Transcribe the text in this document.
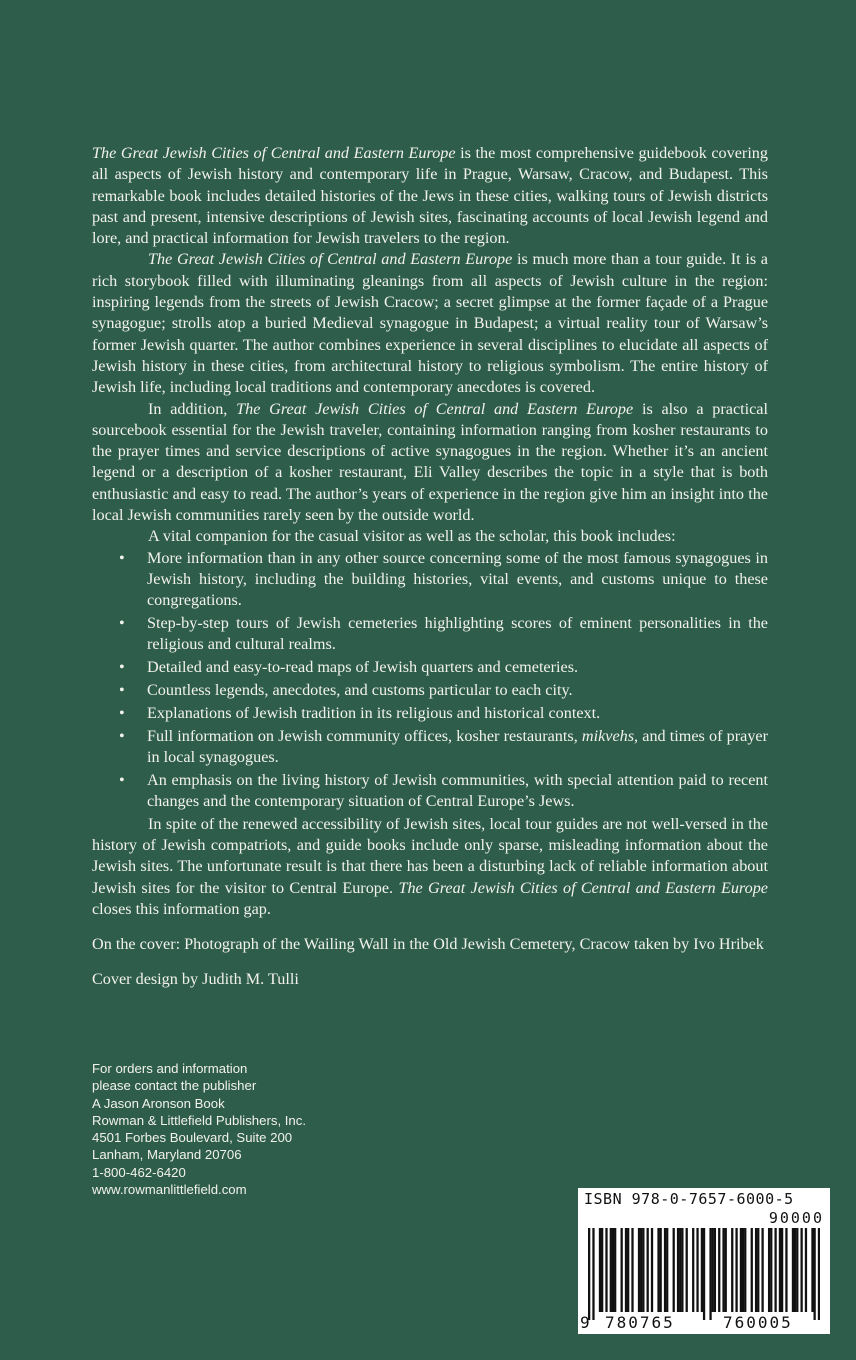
The Great Jewish Cities of Central and Eastern Europe is the most comprehensive guidebook covering all aspects of Jewish history and contemporary life in Prague, Warsaw, Cracow, and Budapest. This remarkable book includes detailed histories of the Jews in these cities, walking tours of Jewish districts past and present, intensive descriptions of Jewish sites, fascinating accounts of local Jewish legend and lore, and practical information for Jewish travelers to the region.

The Great Jewish Cities of Central and Eastern Europe is much more than a tour guide. It is a rich storybook filled with illuminating gleanings from all aspects of Jewish culture in the region: inspiring legends from the streets of Jewish Cracow; a secret glimpse at the former façade of a Prague synagogue; strolls atop a buried Medieval synagogue in Budapest; a virtual reality tour of Warsaw’s former Jewish quarter. The author combines experience in several disciplines to elucidate all aspects of Jewish history in these cities, from architectural history to religious symbolism. The entire history of Jewish life, including local traditions and contemporary anecdotes is covered.

In addition, The Great Jewish Cities of Central and Eastern Europe is also a practical sourcebook essential for the Jewish traveler, containing information ranging from kosher restaurants to the prayer times and service descriptions of active synagogues in the region. Whether it’s an ancient legend or a description of a kosher restaurant, Eli Valley describes the topic in a style that is both enthusiastic and easy to read. The author’s years of experience in the region give him an insight into the local Jewish communities rarely seen by the outside world.

A vital companion for the casual visitor as well as the scholar, this book includes:

• More information than in any other source concerning some of the most famous synagogues in Jewish history, including the building histories, vital events, and customs unique to these congregations.
• Step-by-step tours of Jewish cemeteries highlighting scores of eminent personalities in the religious and cultural realms.
• Detailed and easy-to-read maps of Jewish quarters and cemeteries.
• Countless legends, anecdotes, and customs particular to each city.
• Explanations of Jewish tradition in its religious and historical context.
• Full information on Jewish community offices, kosher restaurants, mikvehs, and times of prayer in local synagogues.
• An emphasis on the living history of Jewish communities, with special attention paid to recent changes and the contemporary situation of Central Europe’s Jews.

In spite of the renewed accessibility of Jewish sites, local tour guides are not well-versed in the history of Jewish compatriots, and guide books include only sparse, misleading information about the Jewish sites. The unfortunate result is that there has been a disturbing lack of reliable information about Jewish sites for the visitor to Central Europe. The Great Jewish Cities of Central and Eastern Europe closes this information gap.

On the cover: Photograph of the Wailing Wall in the Old Jewish Cemetery, Cracow taken by Ivo Hribek

Cover design by Judith M. Tulli

For orders and information
please contact the publisher
A Jason Aronson Book
Rowman & Littlefield Publishers, Inc.
4501 Forbes Boulevard, Suite 200
Lanham, Maryland 20706
1-800-462-6420
www.rowmanlittlefield.com
ISBN 978-0-7657-6000-5
90000
9 780765	760005
